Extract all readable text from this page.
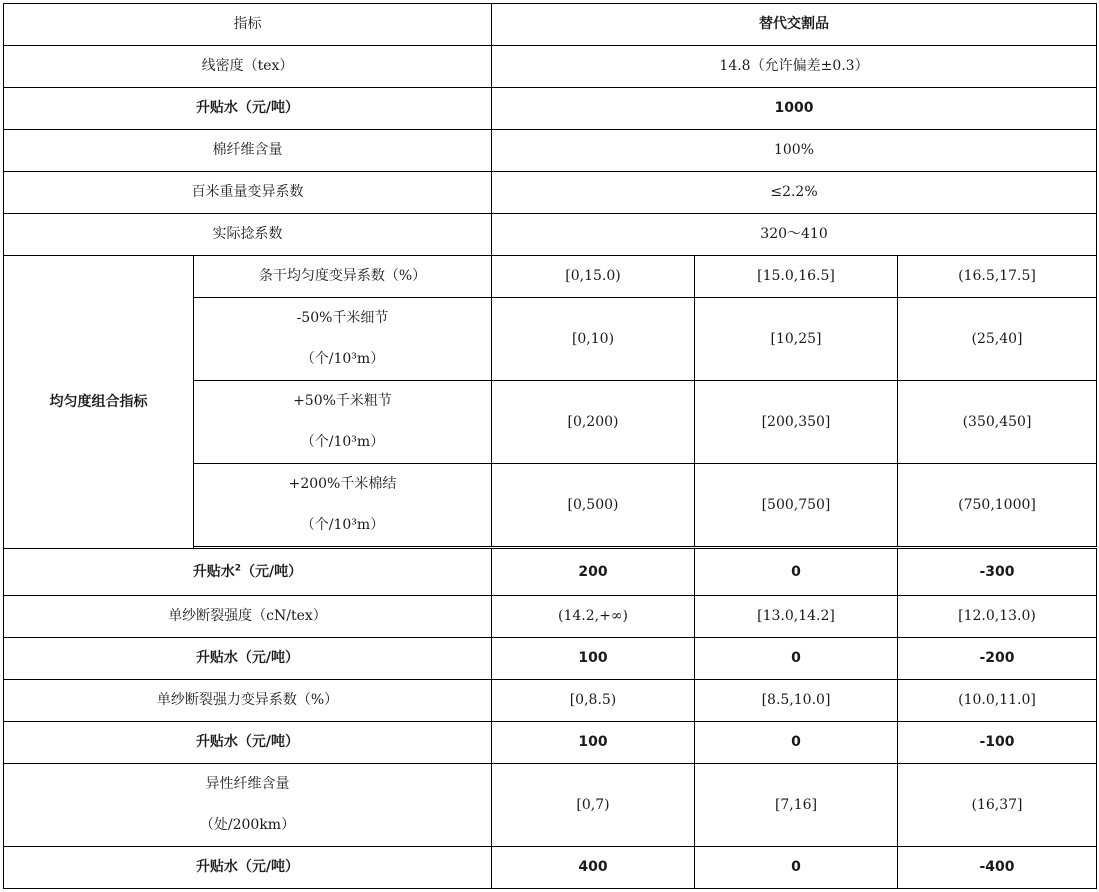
指标		替代交割品		
线密度（tex）		14.8（允许偏差±0.3）		
升贴水（元/吨）		1000		
棉纤维含量		100%		
百米重量变异系数		≤2.2%		
实际捻系数		320～410		
均匀度组合指标	条干均匀度变异系数（%）	[0,15.0)	[15.0,16.5]	(16.5,17.5]

	-50%千米细节
（个/10³m）	[0,10)	[10,25]	(25,40]

	+50%千米粗节
（个/10³m）	[0,200)	[200,350]	(350,450]

	+200%千米棉结
（个/10³m）	[0,500)	[500,750]	(750,1000]

升贴水$^2$（元/吨）		200	0	-300
单纱断裂强度（cN/tex）		(14.2,+∞)	[13.0,14.2]	[12.0,13.0)
升贴水（元/吨）		100	0	-200
单纱断裂强力变异系数（%）		[0,8.5)	[8.5,10.0]	(10.0,11.0]
升贴水（元/吨）		100	0	-100

异性纤维含量
（处/200km）		[0,7)	[7,16]	(16,37]
升贴水（元/吨）		400	0	-400
